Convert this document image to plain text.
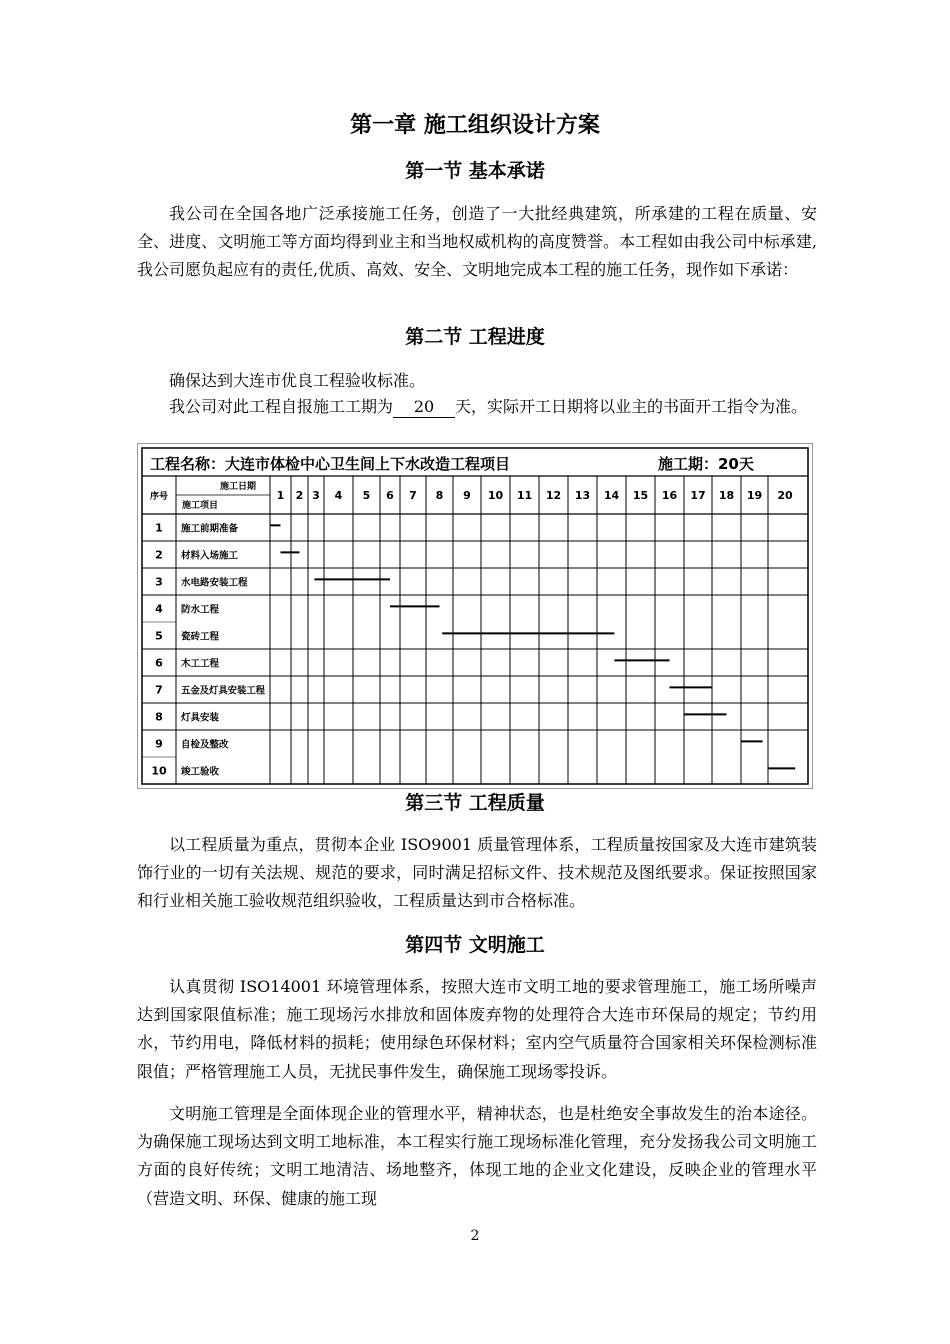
第一章 施工组织设计方案
第一节 基本承诺
我公司在全国各地广泛承接施工任务，创造了一大批经典建筑，所承建的工程在质量、安全、进度、文明施工等方面均得到业主和当地权威机构的高度赞誉。本工程如由我公司中标承建,我公司愿负起应有的责任,优质、高效、安全、文明地完成本工程的施工任务，现作如下承诺：
第二节 工程进度
确保达到大连市优良工程验收标准。
我公司对此工程自报施工工期为 20 天，实际开工日期将以业主的书面开工指令为准。
工程名称：大连市体检中心卫生间上下水改造工程项目	施工期：20天
序号
施工日期
施工项目
1 2 3 4 5 6 7 8 9 10 11 12 13 14 15 16 17 18 19 20
1 施工前期准备
2 材料入场施工
3 水电路安装工程
4 防水工程
5 瓷砖工程
6 木工工程
7 五金及灯具安装工程
8 灯具安装
9 自检及整改
10 竣工验收
第三节 工程质量
以工程质量为重点，贯彻本企业 ISO9001 质量管理体系，工程质量按国家及大连市建筑装饰行业的一切有关法规、规范的要求，同时满足招标文件、技术规范及图纸要求。保证按照国家和行业相关施工验收规范组织验收，工程质量达到市合格标准。
第四节 文明施工
认真贯彻 ISO14001 环境管理体系，按照大连市文明工地的要求管理施工，施工场所噪声达到国家限值标准；施工现场污水排放和固体废弃物的处理符合大连市环保局的规定；节约用水，节约用电，降低材料的损耗；使用绿色环保材料；室内空气质量符合国家相关环保检测标准限值；严格管理施工人员，无扰民事件发生，确保施工现场零投诉。
文明施工管理是全面体现企业的管理水平，精神状态，也是杜绝安全事故发生的治本途径。为确保施工现场达到文明工地标准，本工程实行施工现场标准化管理，充分发扬我公司文明施工方面的良好传统；文明工地清洁、场地整齐，体现工地的企业文化建设，反映企业的管理水平（营造文明、环保、健康的施工现
2
